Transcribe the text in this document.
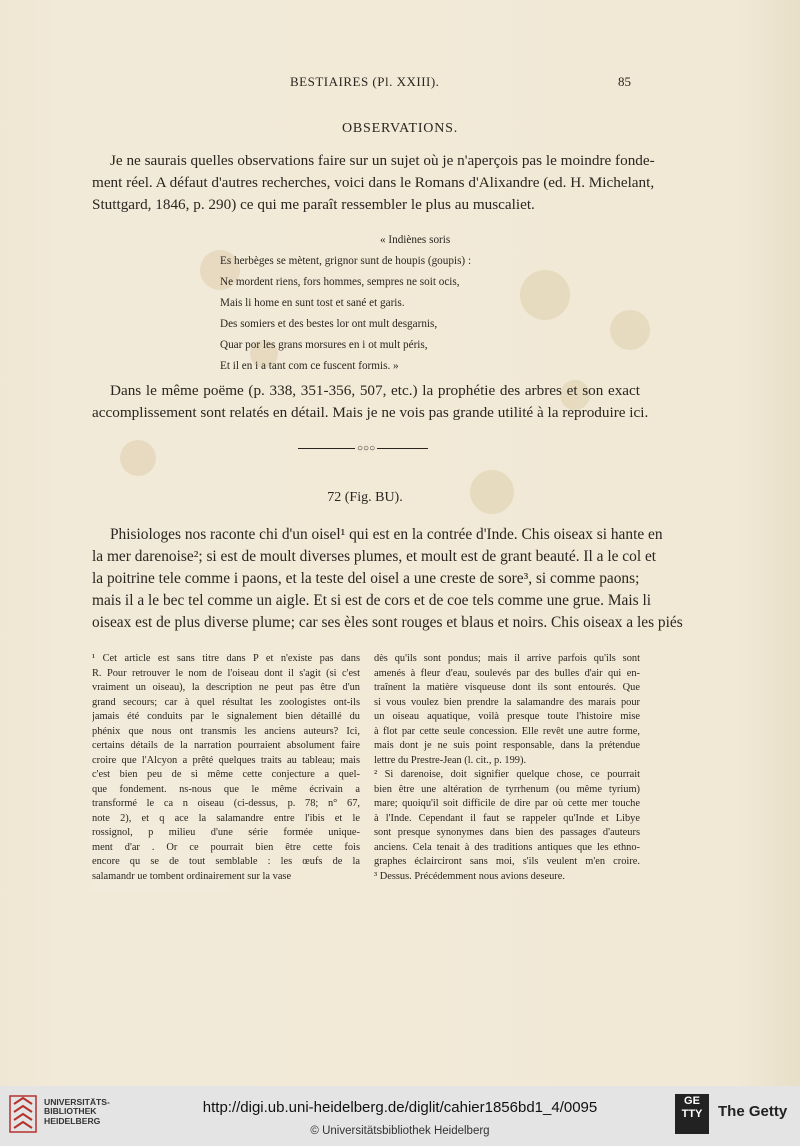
BESTIAIRES (Pl. XXIII).	85
OBSERVATIONS.
Je ne saurais quelles observations faire sur un sujet où je n'aperçois pas le moindre fonde-
ment réel. A défaut d'autres recherches, voici dans le Romans d'Alixandre (ed. H. Michelant,
Stuttgard, 1846, p. 290) ce qui me paraît ressembler le plus au muscaliet.
« Indiènes soris
Es herbèges se mètent, grignor sunt de houpis (goupis) :
Ne mordent riens, fors hommes, sempres ne soit ocis,
Mais li home en sunt tost et sané et garis.
Des somiers et des bestes lor ont mult desgarnis,
Quar por les grans morsures en i ot mult péris,
Et il en i a tant com ce fuscent formis. »
Dans le même poëme (p. 338, 351-356, 507, etc.) la prophétie des arbres et son exact
accomplissement sont relatés en détail. Mais je ne vois pas grande utilité à la reproduire ici.
○○○
72 (Fig. BU).
Phisiologes nos raconte chi d'un oisel¹ qui est en la contrée d'Inde. Chis oiseax si hante en
la mer darenoise²; si est de moult diverses plumes, et moult est de grant beauté. Il a le col et
la poitrine tele comme i paons, et la teste del oisel a une creste de sore³, si comme paons;
mais il a le bec tel comme un aigle. Et si est de cors et de coe tels comme une grue. Mais li
oiseax est de plus diverse plume; car ses èles sont rouges et blaus et noirs. Chis oiseax a les piés
¹ Cet article est sans titre dans P et n'existe pas dans
R. Pour retrouver le nom de l'oiseau dont il s'agit (si c'est
vraiment un oiseau), la description ne peut pas être d'un
grand secours; car à quel résultat les zoologistes ont-ils
jamais été conduits par le signalement bien détaillé du
phénix que nous ont transmis les anciens auteurs? Ici,
certains détails de la narration pourraient absolument faire
croire que l'Alcyon a prêté quelques traits au tableau; mais
c'est bien peu de si même cette conjecture a quel-
que fondement. ns-nous que le même écrivain a
transformé le ca n oiseau (ci-dessus, p. 78; n° 67,
note 2), et q ace la salamandre entre l'ibis et le
rossignol, p milieu d'une série formée unique-
ment d'ar . Or ce pourrait bien être cette fois
encore qu se de tout semblable : les œufs de la
salamandr ue tombent ordinairement sur la vase
dès qu'ils sont pondus; mais il arrive parfois qu'ils sont
amenés à fleur d'eau, soulevés par des bulles d'air qui en-
traînent la matière visqueuse dont ils sont entourés. Que
si vous voulez bien prendre la salamandre des marais pour
un oiseau aquatique, voilà presque toute l'histoire mise
à flot par cette seule concession. Elle revêt une autre forme,
mais dont je ne suis point responsable, dans la prétendue
lettre du Prestre-Jean (l. cit., p. 199).
² Si darenoise, doit signifier quelque chose, ce pourrait
bien être une altération de tyrrhenum (ou même tyrium)
mare; quoiqu'il soit difficile de dire par où cette mer touche
à l'Inde. Cependant il faut se rappeler qu'Inde et Libye
sont presque synonymes dans bien des passages d'auteurs
anciens. Cela tenait à des traditions antiques que les ethno-
graphes éclairciront sans moi, s'ils veulent m'en croire.
³ Dessus. Précédemment nous avions deseure.
UNIVERSITÄTS-
BIBLIOTHEK
HEIDELBERG
http://digi.ub.uni-heidelberg.de/diglit/cahier1856bd1_4/0095
© Universitätsbibliothek Heidelberg
GE
TTY	The Getty
